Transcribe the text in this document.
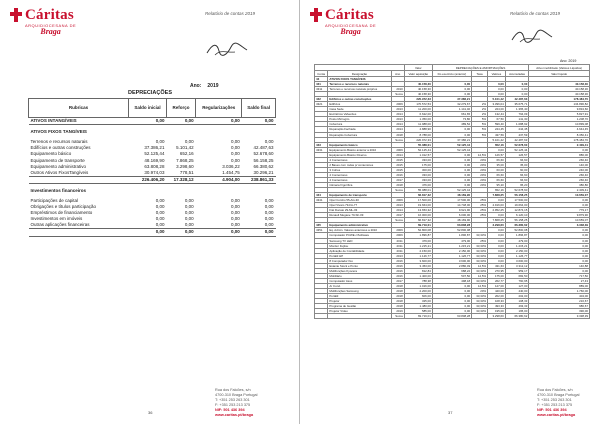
Cáritas
ARQUIDIOCESANA DE
Braga
Relatório de contas 2019
Ano: 2019
DEPRECIAÇÕES
Rubricas	Saldo inicial	Reforço	Regularizações	Saldo final
ATIVOS INTANGÍVEIS	0,00	0,00	0,00	0,00

ATIVOS FIXOS TANGÍVEIS				

Terrenos e recursos naturais	0,00	0,00	0,00	0,00
Edifícios e outras construções	37.386,21	5.101,42	0,00	42.487,63
Equipamento básico	52.125,44	652,16	0,00	52.678,60
Equipamento de transporte	48.169,90	7.868,25	0,00	56.158,25
Equipamento administrativo	63.808,28	3.298,60	3.036,22	66.380,62
Outros Ativos FixosTangíveis	30.974,03	778,51	1.454,75	30.296,21
	226.406,20	17.328,12	4.904,00	238.861,33

Investimentos financeiros				

Participações de capital	0,00	0,00	0,00	0,00
Obrigações e títulos participação	0,00	0,00	0,00	0,00
Empréstimos de financiamento	0,00	0,00	0,00	0,00
Investimentos em imóveis	0,00	0,00	0,00	0,00
Outras aplicações financeiras	0,00	0,00	0,00	0,00
	0,00	0,00	0,00	0,00
Rua dos Falcões, s/n
4700-310 Braga Portugal
T: +351 253 263 301
F: +351 253 213 375
NIF: 501 436 394
www.caritas.pt/braga
36
Cáritas
ARQUIDIOCESANA DE
Braga
Relatório de contas 2019
Ano: 2019
			Valor	DEPRECIAÇÕES E AMORTIZAÇÕES				Ativo imobilizado (Valores Líquidos)
Conta	Designação	Ano	Valor aquisição	Do exercício (anterior)	Taxa	Valores	Acumuladas	Valor líquido
43	ATIVOS FIXOS TANGÍVEIS							
431	Terrenos e recursos naturais		40.158,30	0,00		0,00	0,00	40.158,30
4311	Terrenos e recursos naturais próprios	2010	40.158,30	0,00		0,00	0,00	40.158,30
		Soma	40.158,30	0,00		0,00	0,00	40.158,30
432	Edifícios e outras construções		220.972,33	37.386,21		5.101,42	42.487,63	178.484,70
4321	Edifícios	2009	170.572,53	32.279,67	2%	3.396,04	35.675,71	134.896,82
	Casa Sede	2013	11.200,00	1.141,40	2%	224,00	1.365,40	9.834,60
	Escritórios Valverdes	2014	6.622,00	661,65	2%	132,44	794,09	5.827,91
	Posto Microgiro	2013	1.350,00	73,80	5%	67,50	141,30	1.208,70
	Cobertura	2014	11.988,00	489,52	5%	599,40	1.088,92	10.899,08
	Reparação Fachada	2014	4.888,90	0,00	5%	244,45	244,45	4.644,45
	Reparação Cobertura	2018	8.788,00	0,00	5%	437,59	437,59	8.350,41
		Soma	220.972,33	37.386,21		5.101,42	42.487,63	178.484,70
433	Equipamento básico		55.088,01	52.125,44		652,16	52.678,60	2.409,41
4331	Equipamento Básico anterior a 2010	2009	52.125,44	52.125,44		0,00	52.125,44	0,00
	Equipamento Básico Diverso	2014	1.012,57	0,00	12,5%	126,57	126,57	886,00
	4 Contentores	2015	333,00	0,00	20%	66,60	66,60	266,40
	2 Bases com rodas p/ contentores	2015	175,00	0,00	20%	35,00	35,00	140,00
	3 Cofres	2015	300,00	0,00	20%	60,00	60,00	240,00
	4 Contentores	2016	333,00	0,00	20%	66,60	66,60	266,40
	4 Contentores	2017	333,00	0,00	20%	66,60	66,60	266,40
	Câmara frigorífica	2018	476,00	0,00	20%	95,20	95,20	380,80
		Soma	55.088,01	52.125,44		652,16	52.678,60	2.409,41
434	Equipamento de transporte		66.817,32	48.169,90		7.868,25	56.158,25	10.659,07
4341	Opel Combo 55-AG-30	2009	17.500,00	17.500,00	25%	0,00	17.500,00	0,00
	Opel Vivaro 79-FA-77	2013	19.664,00	14.748,00	25%	4.916,00	19.664,00	0,00
	Fiat Ducato 29-ML-03	2014	13.653,32	9.921,90	25%	2.952,25	12.874,15	779,17
	Renault Megane 70-SF-09	2017	16.000,00	6.000,00	25%	0,00	6.120,10	9.879,90
		Soma	66.817,32	48.169,90		7.868,25	56.158,25	10.659,07
435	Equipamento administrativo		69.719,01	63.808,28		3.298,60	66.380,62	3.338,39
4351	Eq. Admin. Valores anteriores a 2010	2009	52.800,08	52.800,08		0,00	52.800,08	0,00
	Computador PCWE c/Software	2009	1.896,87	1.896,87	33,33%	0,00	1.896,87	0,00
	Samsung TV LED	2011	479,00	479,00	25%	0,00	479,00	0,00
	Monitor Fujitsu	2011	1.215,21	1.215,21	33,33%	0,00	1.215,21	0,00
	Aplicação de Contabilidade	2011	2.150,00	2.150,00	33,33%	0,00	2.150,00	0,00
	Portátil HP	2013	1.126,77	1.126,77	33,33%	0,00	1.126,77	0,00
	8 Computador fixo	2016	3.600,00	3.600,00	33,33%	0,00	3.600,00	0,00
	Estante Stock e Ponto	2016	3.453,00	2.880,49	12,5%	431,63	3.312,12	140,88
	Multifunções Kyocera	2016	812,84	688,22	33,33%	270,95	959,17	0,00
	Mobiliário	2016	1.400,00	507,50	12,5%	175,00	682,50	717,50
	Computador Asus	2017	788,38	498,18	33,33%	262,77	760,95	27,43
	Ar Cond.	2018	1.016,00	0,00	12,5%	127,00	127,00	889,00
	Multifunções Samsung	2018	2.200,00	0,00	20%	440,00	440,00	1.760,00
	Portátil	2018	606,00	0,00	33,33%	202,00	202,00	404,00
	Projetor	2018	325,00	0,00	33,33%	108,33	108,33	216,67
	Programa de Gestão	2018	1.480,00	0,00	33,33%	493,33	493,33	986,67
	Projetor Vídeo	2019	585,00	0,00	33,33%	195,00	195,00	390,00
		Soma	69.719,01	63.808,28		3.298,60	66.380,62	3.338,39
Rua dos Falcões, s/n
4700-310 Braga Portugal
T: +351 253 263 301
F: +351 253 213 375
NIF: 501 436 394
www.caritas.pt/braga
37
